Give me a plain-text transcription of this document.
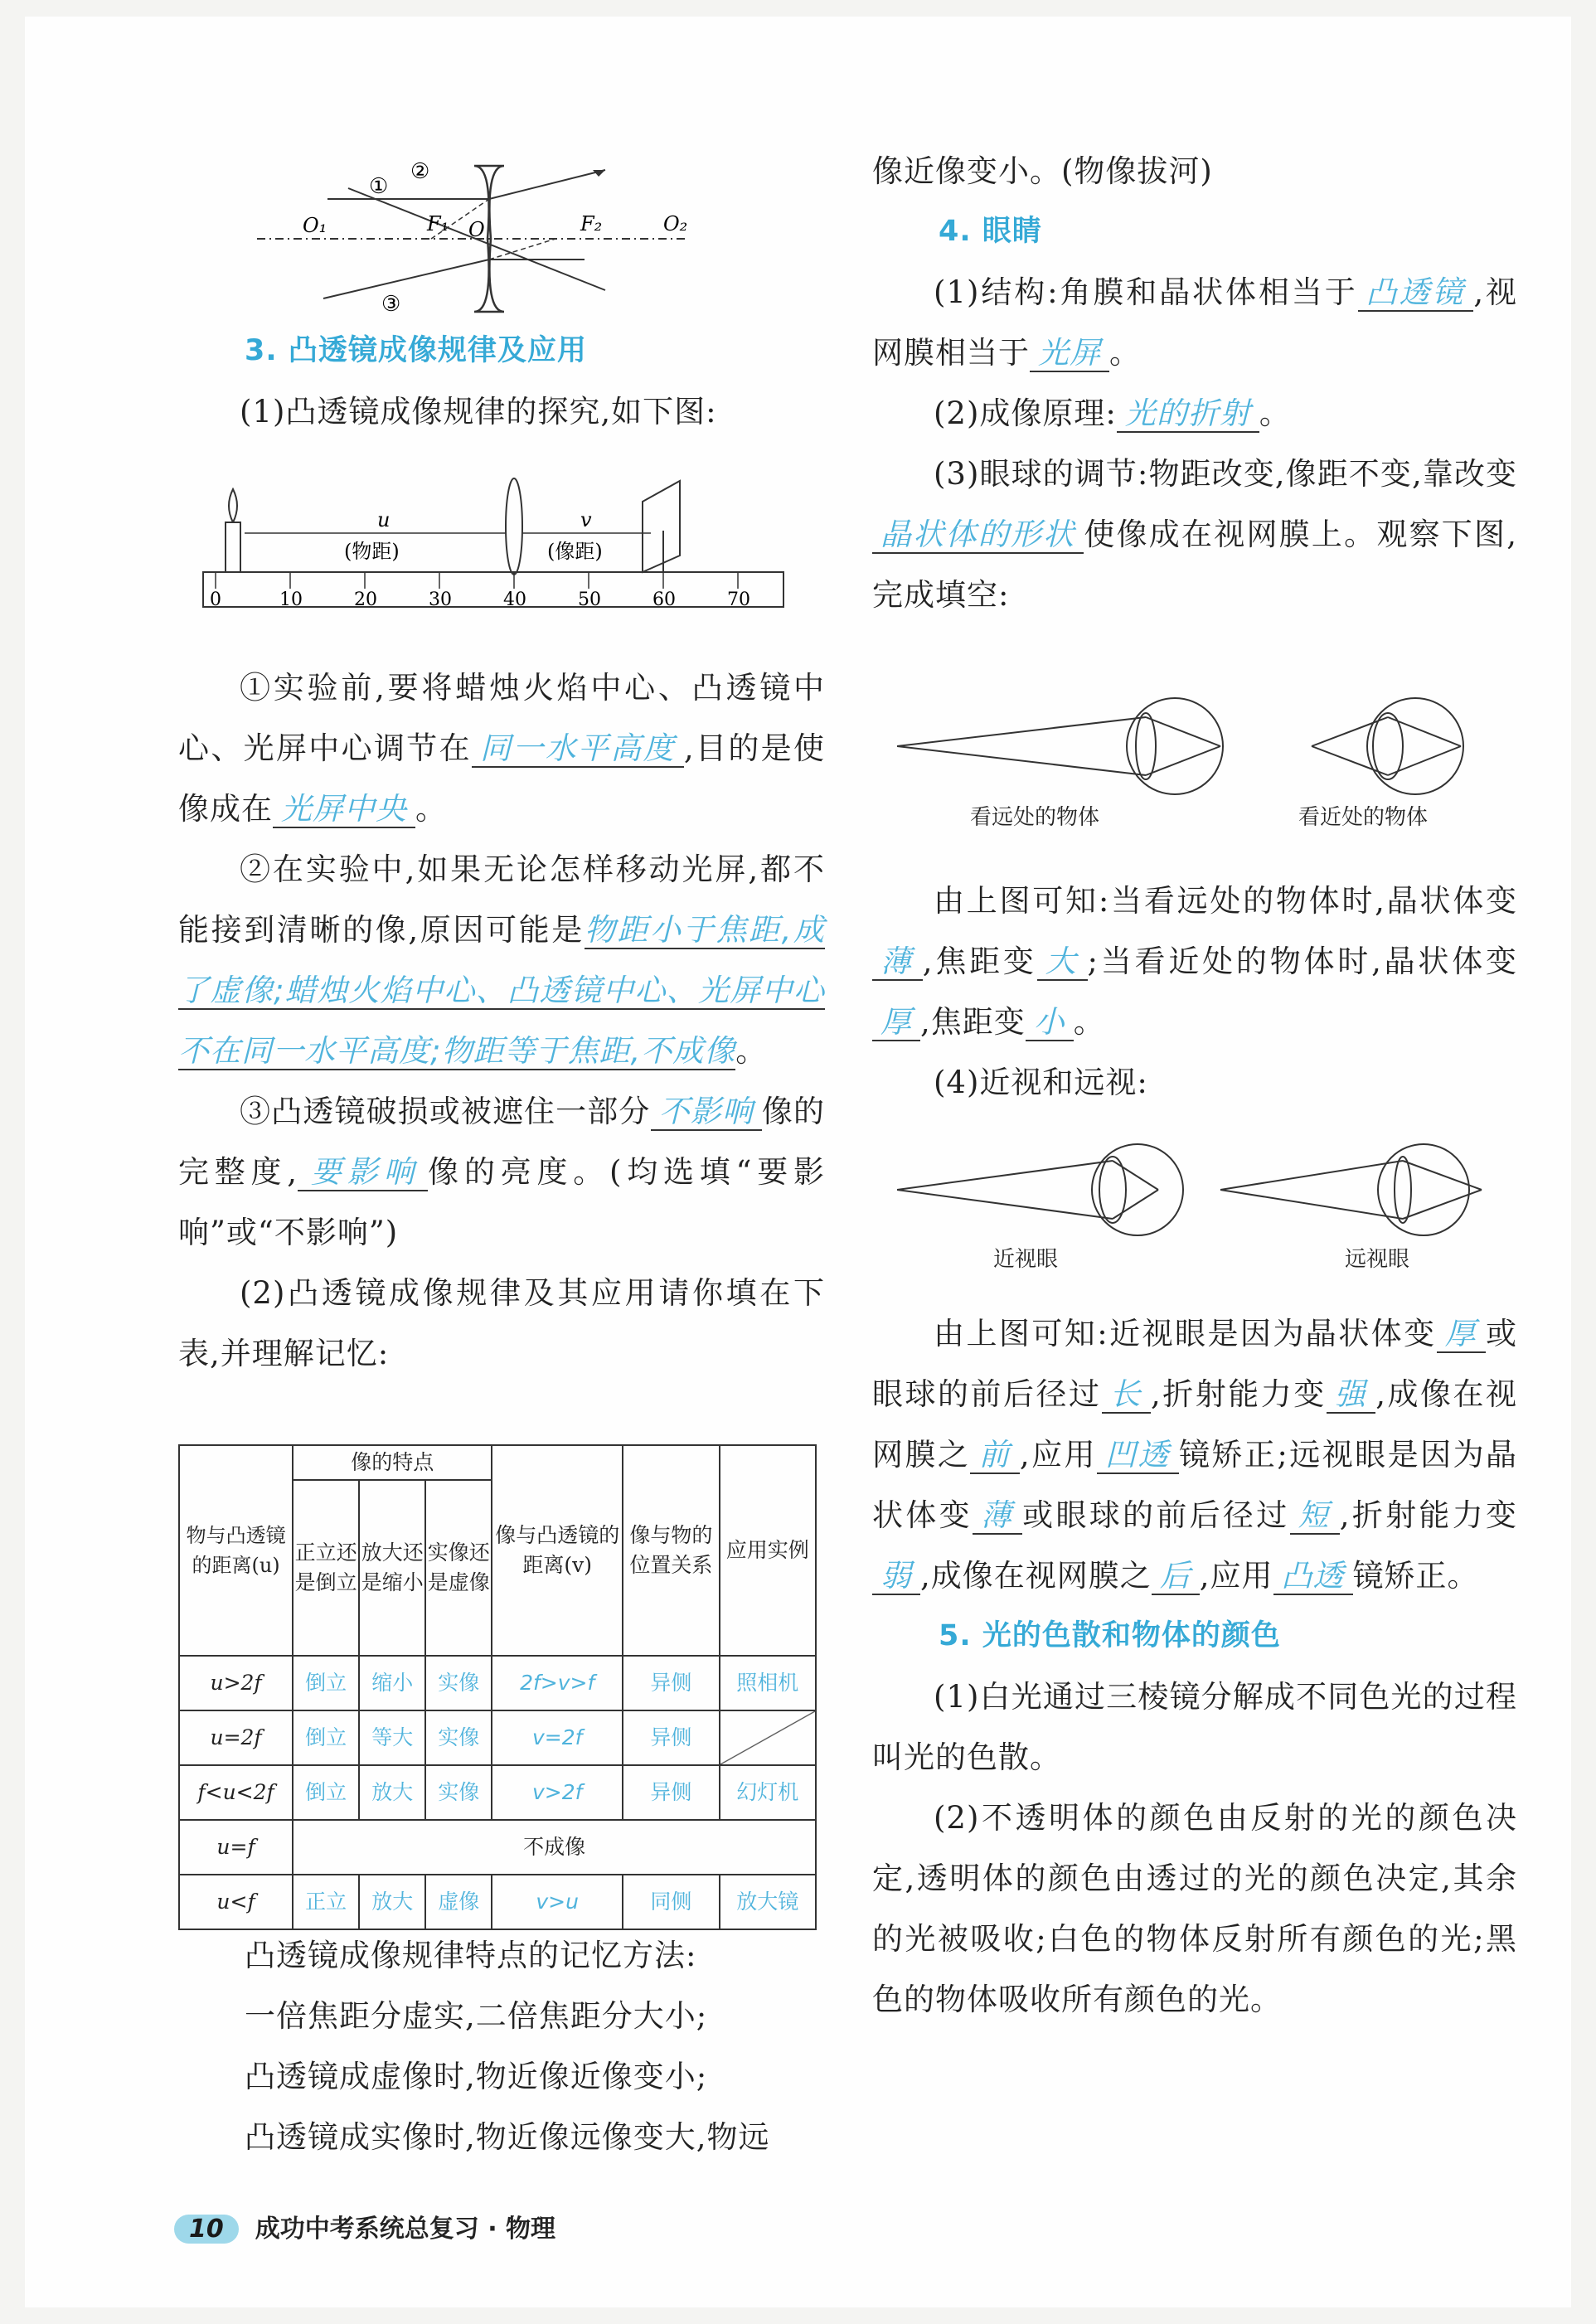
①
②
③
O₁	F₁ O	F₂	O₂

3. 凸透镜成像规律及应用

(1)凸透镜成像规律的探究,如下图:

0	10	20	30	40	50	60	70
u
(物距)
v
(像距)

①实验前,要将蜡烛火焰中心、凸透镜中心、光屏中心调节在 同一水平高度 ,目的是使像成在 光屏中央 。

②在实验中,如果无论怎样移动光屏,都不能接到清晰的像,原因可能是物距小于焦距,成了虚像;蜡烛火焰中心、凸透镜中心、光屏中心不在同一水平高度;物距等于焦距,不成像。

③凸透镜破损或被遮住一部分 不影响 像的完整度, 要影响 像的亮度。(均选填“要影响”或“不影响”)

(2)凸透镜成像规律及其应用请你填在下表,并理解记忆:

物与凸透镜的距离(u)	像的特点			像与凸透镜的距离(v)	像与物的位置关系	应用实例
	正立还是倒立	放大还是缩小	实像还是虚像			
u>2f	倒立	缩小	实像	2f>v>f	异侧	照相机
u=2f	倒立	等大	实像	v=2f	异侧	
f<u<2f	倒立	放大	实像	v>2f	异侧	幻灯机
u=f	不成像					
u<f	正立	放大	虚像	v>u	同侧	放大镜

凸透镜成像规律特点的记忆方法:

一倍焦距分虚实,二倍焦距分大小;

凸透镜成虚像时,物近像近像变小;

凸透镜成实像时,物近像远像变大,物远

像近像变小。(物像拔河)

4. 眼睛

(1)结构:角膜和晶状体相当于 凸透镜 ,视网膜相当于 光屏 。

(2)成像原理: 光的折射 。

(3)眼球的调节:物距改变,像距不变,靠改变晶状体的形状 使像成在视网膜上。观察下图,完成填空:

看远处的物体	看近处的物体

由上图可知:当看远处的物体时,晶状体变薄 ,焦距变 大 ;当看近处的物体时,晶状体变厚 ,焦距变 小 。

(4)近视和远视:

近视眼	远视眼

由上图可知:近视眼是因为晶状体变 厚 或眼球的前后径过 长 ,折射能力变 强 ,成像在视网膜之 前 ,应用 凹透 镜矫正;远视眼是因为晶状体变 薄 或眼球的前后径过 短 ,折射能力变弱 ,成像在视网膜之 后 ,应用 凸透 镜矫正。

5. 光的色散和物体的颜色

(1)白光通过三棱镜分解成不同色光的过程叫光的色散。

(2)不透明体的颜色由反射的光的颜色决定,透明体的颜色由透过的光的颜色决定,其余的光被吸收;白色的物体反射所有颜色的光;黑色的物体吸收所有颜色的光。

10 成功中考系统总复习 · 物理
